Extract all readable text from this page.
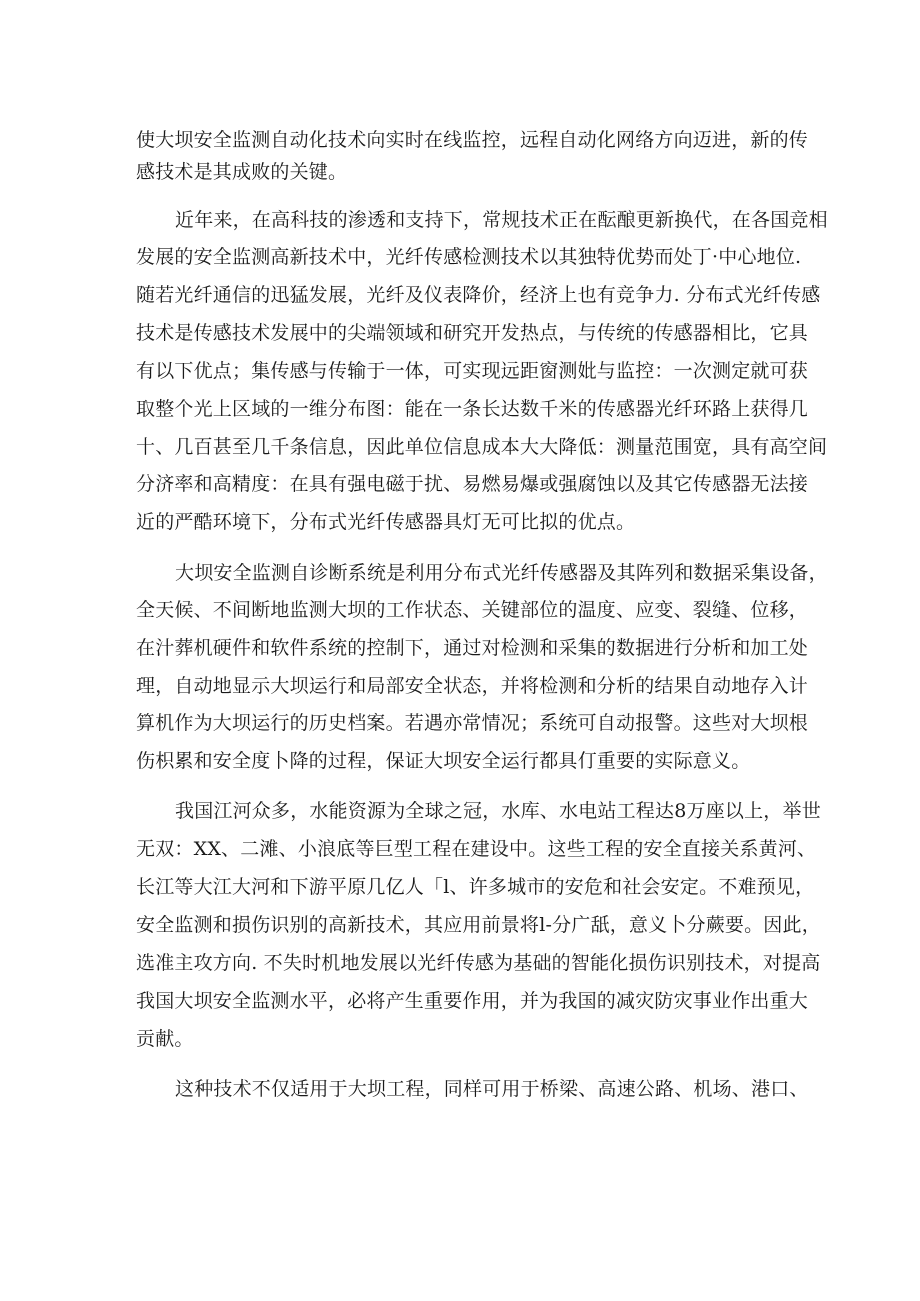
使大坝安全监测自动化技术向实时在线监控，远程自动化网络方向迈进，新的传
感技术是其成败的关键。
近年来，在高科技的渗透和支持下，常规技术正在酝酿更新换代，在各国竞相
发展的安全监测高新技术中，光纤传感检测技术以其独特优势而处丁·中心地位.
随若光纤通信的迅猛发展，光纤及仪表降价，经济上也有竞争力. 分布式光纤传感
技术是传感技术发展中的尖端领域和研究开发热点，与传统的传感器相比，它具
有以下优点；集传感与传输于一体，可实现远距窗测妣与监控：一次测定就可获
取整个光上区域的一维分布图：能在一条长达数千米的传感器光纤环路上获得几
十、几百甚至几千条信息，因此单位信息成本大大降低：测量范围宽，具有高空间
分济率和高精度：在具有强电磁于扰、易燃易爆或强腐蚀以及其它传感器无法接
近的严酷环境下，分布式光纤传感器具灯无可比拟的优点。
大坝安全监测自诊断系统是利用分布式光纤传感器及其阵列和数据采集设备，
全天候、不间断地监测大坝的工作状态、关键部位的温度、应变、裂缝、位移，
在汁葬机硬件和软件系统的控制下，通过对检测和采集的数据进行分析和加工处
理，自动地显示大坝运行和局部安全状态，并将检测和分析的结果自动地存入计
算机作为大坝运行的历史档案。若遇亦常情况；系统可自动报警。这些对大坝根
伤枳累和安全度卜降的过程，保证大坝安全运行都具仃重要的实际意义。
我国江河众多，水能资源为全球之冠，水库、水电站工程达8万座以上，举世
无双：XX、二滩、小浪底等巨型工程在建设中。这些工程的安全直接关系黄河、
长江等大江大河和下游平原几亿人「l、许多城市的安危和社会安定。不难预见，
安全监测和损伤识别的高新技术，其应用前景将l-分广舐，意义卜分蕨要。因此，
选准主攻方向. 不失时机地发展以光纤传感为基础的智能化损伤识别技术，对提高
我国大坝安全监测水平，必将产生重要作用，并为我国的减灾防灾事业作出重大
贡献。
这种技术不仅适用于大坝工程，同样可用于桥梁、高速公路、机场、港口、
